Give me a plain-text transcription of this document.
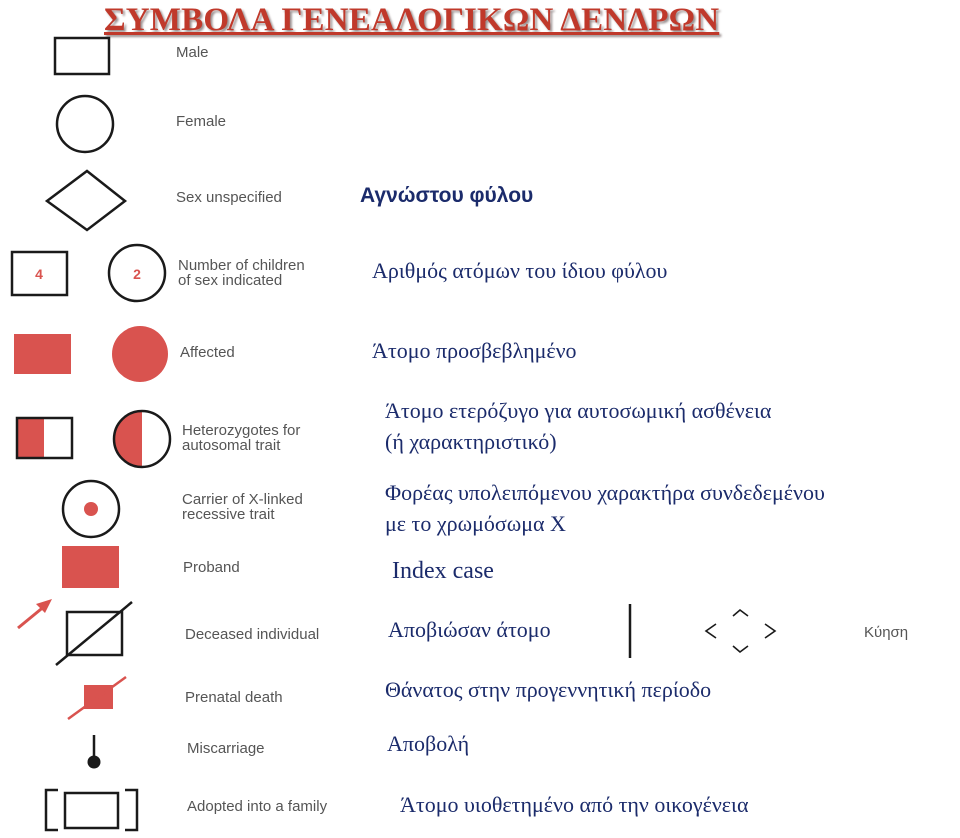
ΣΥΜΒΟΛΑ ΓΕΝΕΑΛΟΓΙΚΩΝ ΔΕΝΔΡΩΝ
4	2
Male
Female
Sex unspecified
Number of children
of sex indicated
Affected
Heterozygotes for
autosomal trait
Carrier of X-linked
recessive trait
Proband
Deceased individual
Prenatal death
Miscarriage
Adopted into a family
Αγνώστου φύλου
Αριθμός ατόμων του ίδιου φύλου
Άτομο προσβεβλημένο
Άτομο ετερόζυγο για αυτοσωμική ασθένεια
(ή χαρακτηριστικό)
Φορέας υπολειπόμενου χαρακτήρα συνδεδεμένου
με το χρωμόσωμα Χ
Index case
Αποβιώσαν άτομο
Θάνατος στην προγεννητική περίοδο
Αποβολή
Άτομο υιοθετημένο από την οικογένεια
Κύηση
